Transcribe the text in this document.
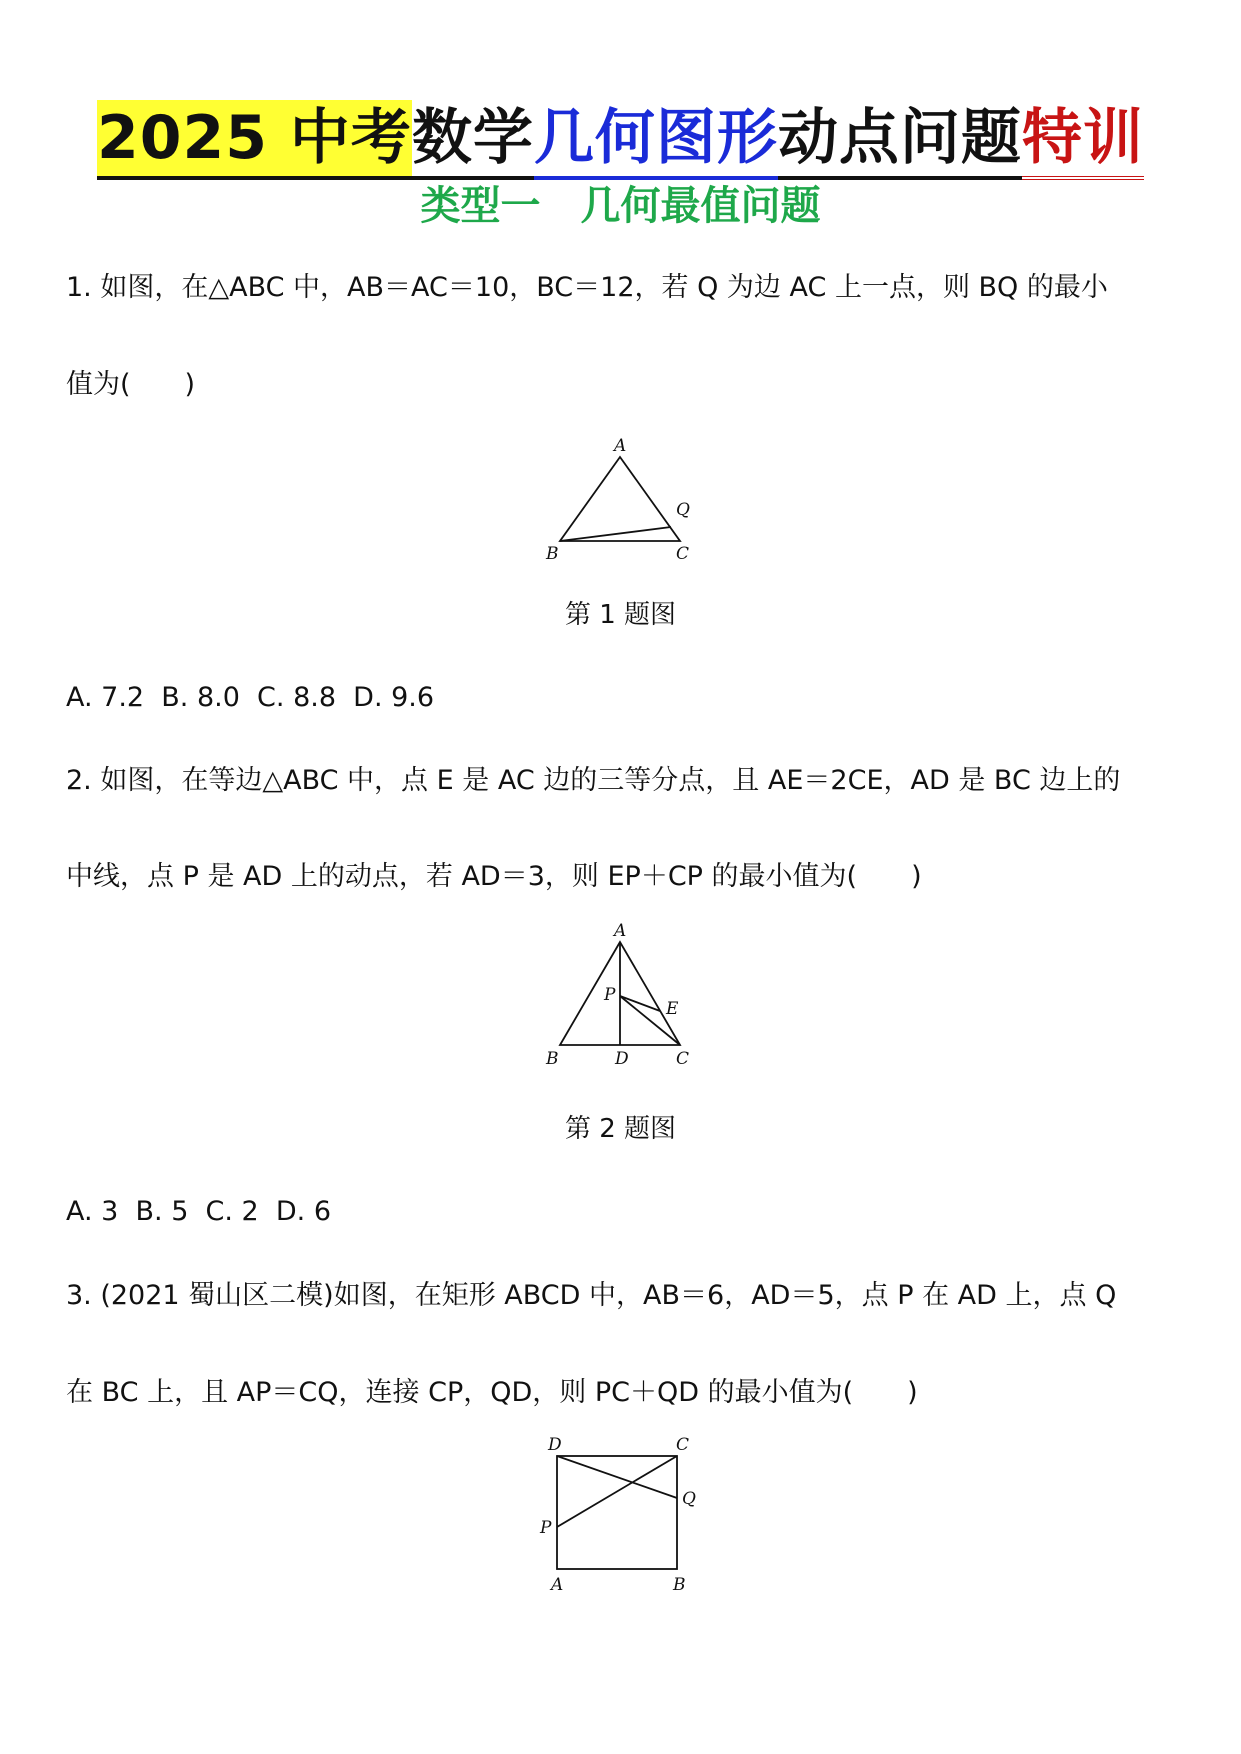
2025 中考数学几何图形动点问题特训
类型一　几何最值问题
1. 如图，在△ABC 中，AB＝AC＝10，BC＝12，若 Q 为边 AC 上一点，则 BQ 的最小
值为(　　)
A
B	C
Q
第 1 题图
A. 7.2  B. 8.0  C. 8.8  D. 9.6
2. 如图，在等边△ABC 中，点 E 是 AC 边的三等分点，且 AE＝2CE，AD 是 BC 边上的
中线，点 P 是 AD 上的动点，若 AD＝3，则 EP＋CP 的最小值为(　　)
A
P
E
B	D	C
第 2 题图
A. 3  B. 5  C. 2  D. 6
3. (2021 蜀山区二模)如图，在矩形 ABCD 中，AB＝6，AD＝5，点 P 在 AD 上，点 Q
在 BC 上，且 AP＝CQ，连接 CP，QD，则 PC＋QD 的最小值为(　　)
D	C
Q
P
A	B
